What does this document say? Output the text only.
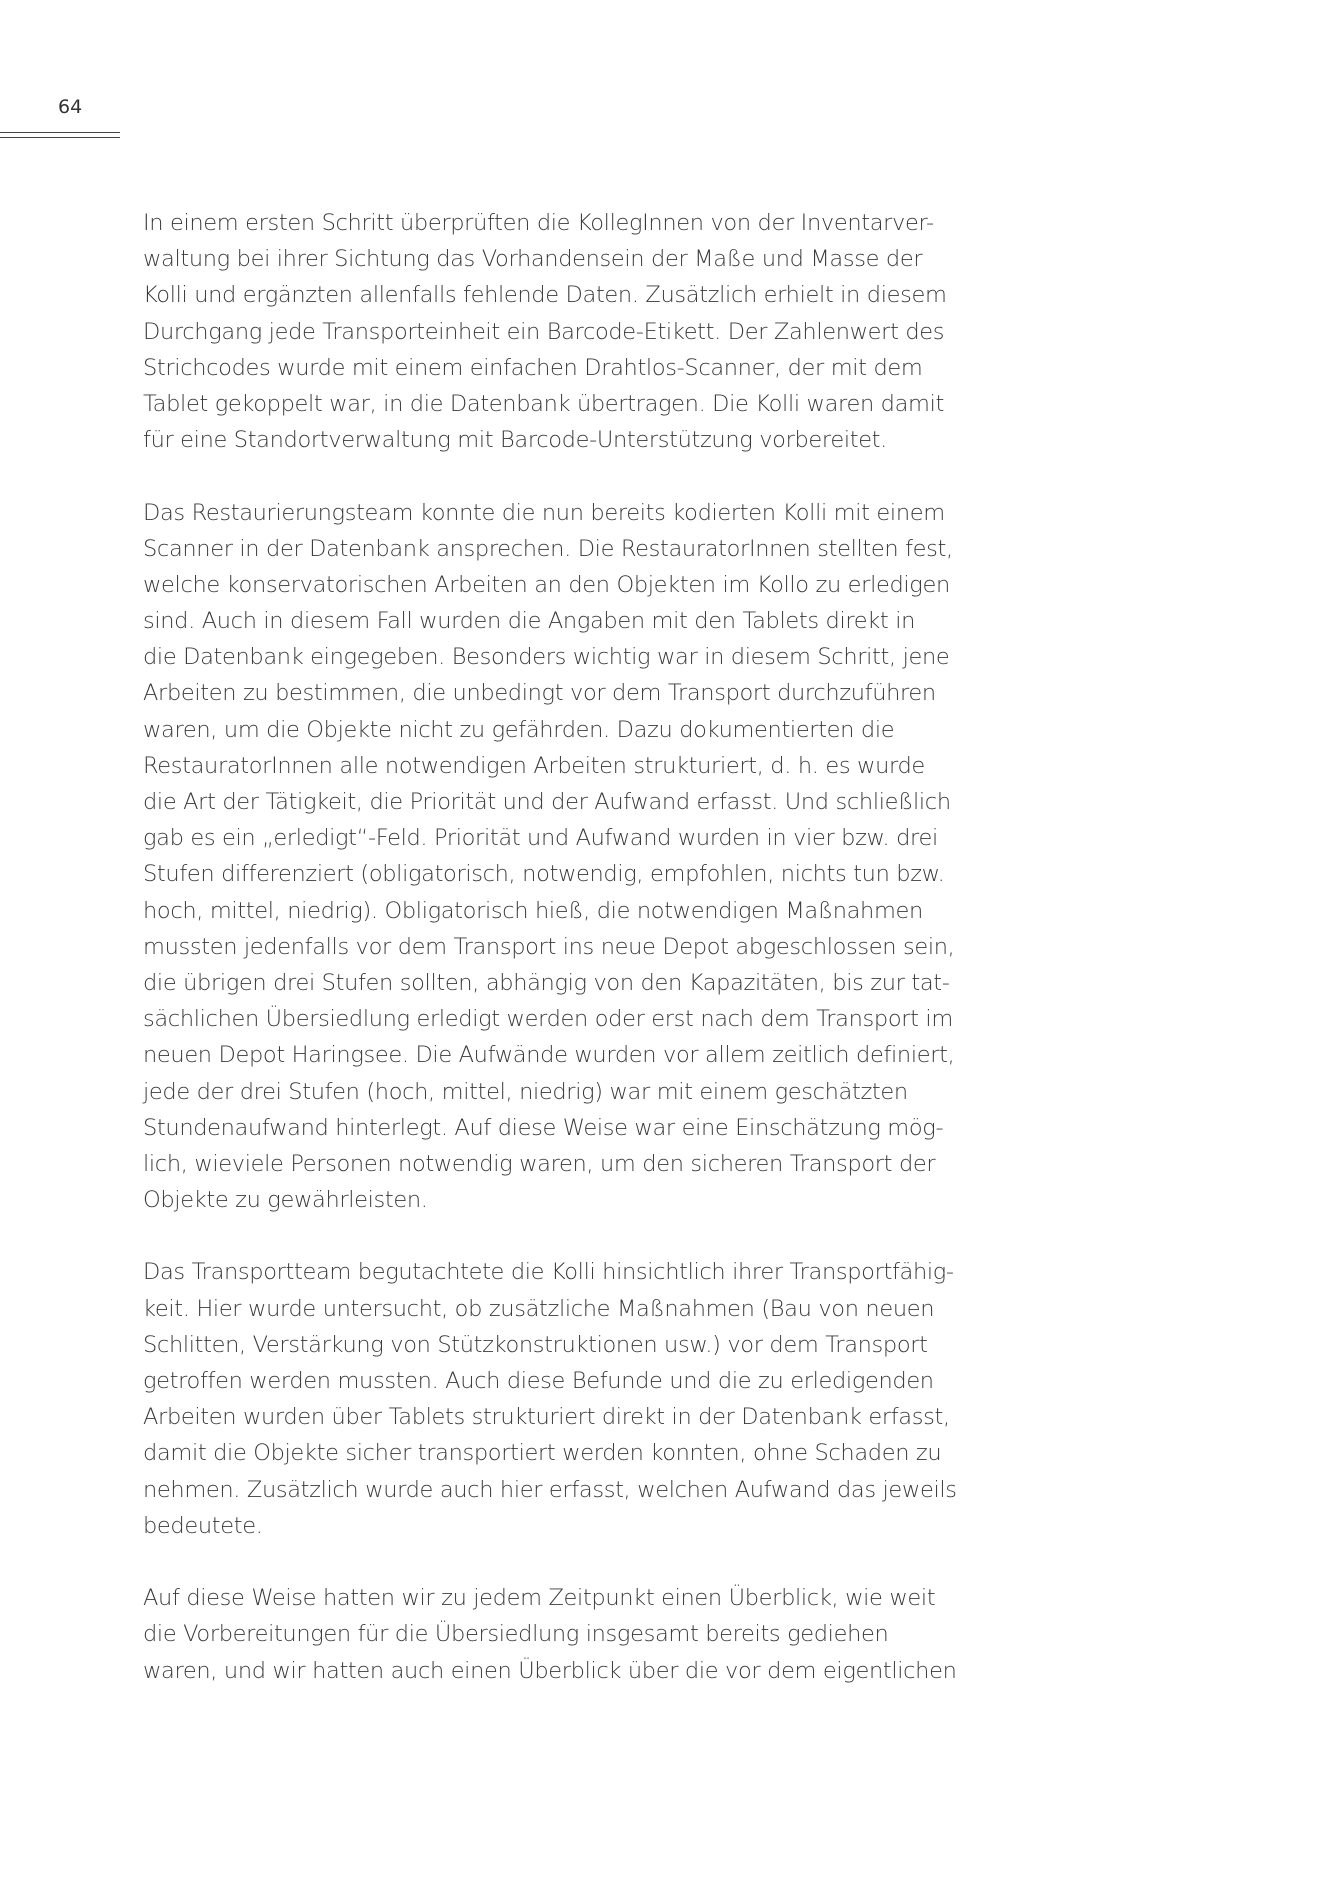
64
In einem ersten Schritt überprüften die KollegInnen von der Inventarver-
waltung bei ihrer Sichtung das Vorhandensein der Maße und Masse der
Kolli und ergänzten allenfalls fehlende Daten. Zusätzlich erhielt in diesem
Durchgang jede Transporteinheit ein Barcode-Etikett. Der Zahlenwert des
Strichcodes wurde mit einem einfachen Drahtlos-Scanner, der mit dem
Tablet gekoppelt war, in die Datenbank übertragen. Die Kolli waren damit
für eine Standortverwaltung mit Barcode-Unterstützung vorbereitet.
Das Restaurierungsteam konnte die nun bereits kodierten Kolli mit einem
Scanner in der Datenbank ansprechen. Die RestauratorInnen stellten fest,
welche konservatorischen Arbeiten an den Objekten im Kollo zu erledigen
sind. Auch in diesem Fall wurden die Angaben mit den Tablets direkt in
die Datenbank eingegeben. Besonders wichtig war in diesem Schritt, jene
Arbeiten zu bestimmen, die unbedingt vor dem Transport durchzuführen
waren, um die Objekte nicht zu gefährden. Dazu dokumentierten die
RestauratorInnen alle notwendigen Arbeiten strukturiert, d. h. es wurde
die Art der Tätigkeit, die Priorität und der Aufwand erfasst. Und schließlich
gab es ein „erledigt“-Feld. Priorität und Aufwand wurden in vier bzw. drei
Stufen differenziert (obligatorisch, notwendig, empfohlen, nichts tun bzw.
hoch, mittel, niedrig). Obligatorisch hieß, die notwendigen Maßnahmen
mussten jedenfalls vor dem Transport ins neue Depot abgeschlossen sein,
die übrigen drei Stufen sollten, abhängig von den Kapazitäten, bis zur tat-
sächlichen Übersiedlung erledigt werden oder erst nach dem Transport im
neuen Depot Haringsee. Die Aufwände wurden vor allem zeitlich definiert,
jede der drei Stufen (hoch, mittel, niedrig) war mit einem geschätzten
Stundenaufwand hinterlegt. Auf diese Weise war eine Einschätzung mög-
lich, wieviele Personen notwendig waren, um den sicheren Transport der
Objekte zu gewährleisten.
Das Transportteam begutachtete die Kolli hinsichtlich ihrer Transportfähig-
keit. Hier wurde untersucht, ob zusätzliche Maßnahmen (Bau von neuen
Schlitten, Verstärkung von Stützkonstruktionen usw.) vor dem Transport
getroffen werden mussten. Auch diese Befunde und die zu erledigenden
Arbeiten wurden über Tablets strukturiert direkt in der Datenbank erfasst,
damit die Objekte sicher transportiert werden konnten, ohne Schaden zu
nehmen. Zusätzlich wurde auch hier erfasst, welchen Aufwand das jeweils
bedeutete.
Auf diese Weise hatten wir zu jedem Zeitpunkt einen Überblick, wie weit
die Vorbereitungen für die Übersiedlung insgesamt bereits gediehen
waren, und wir hatten auch einen Überblick über die vor dem eigentlichen
